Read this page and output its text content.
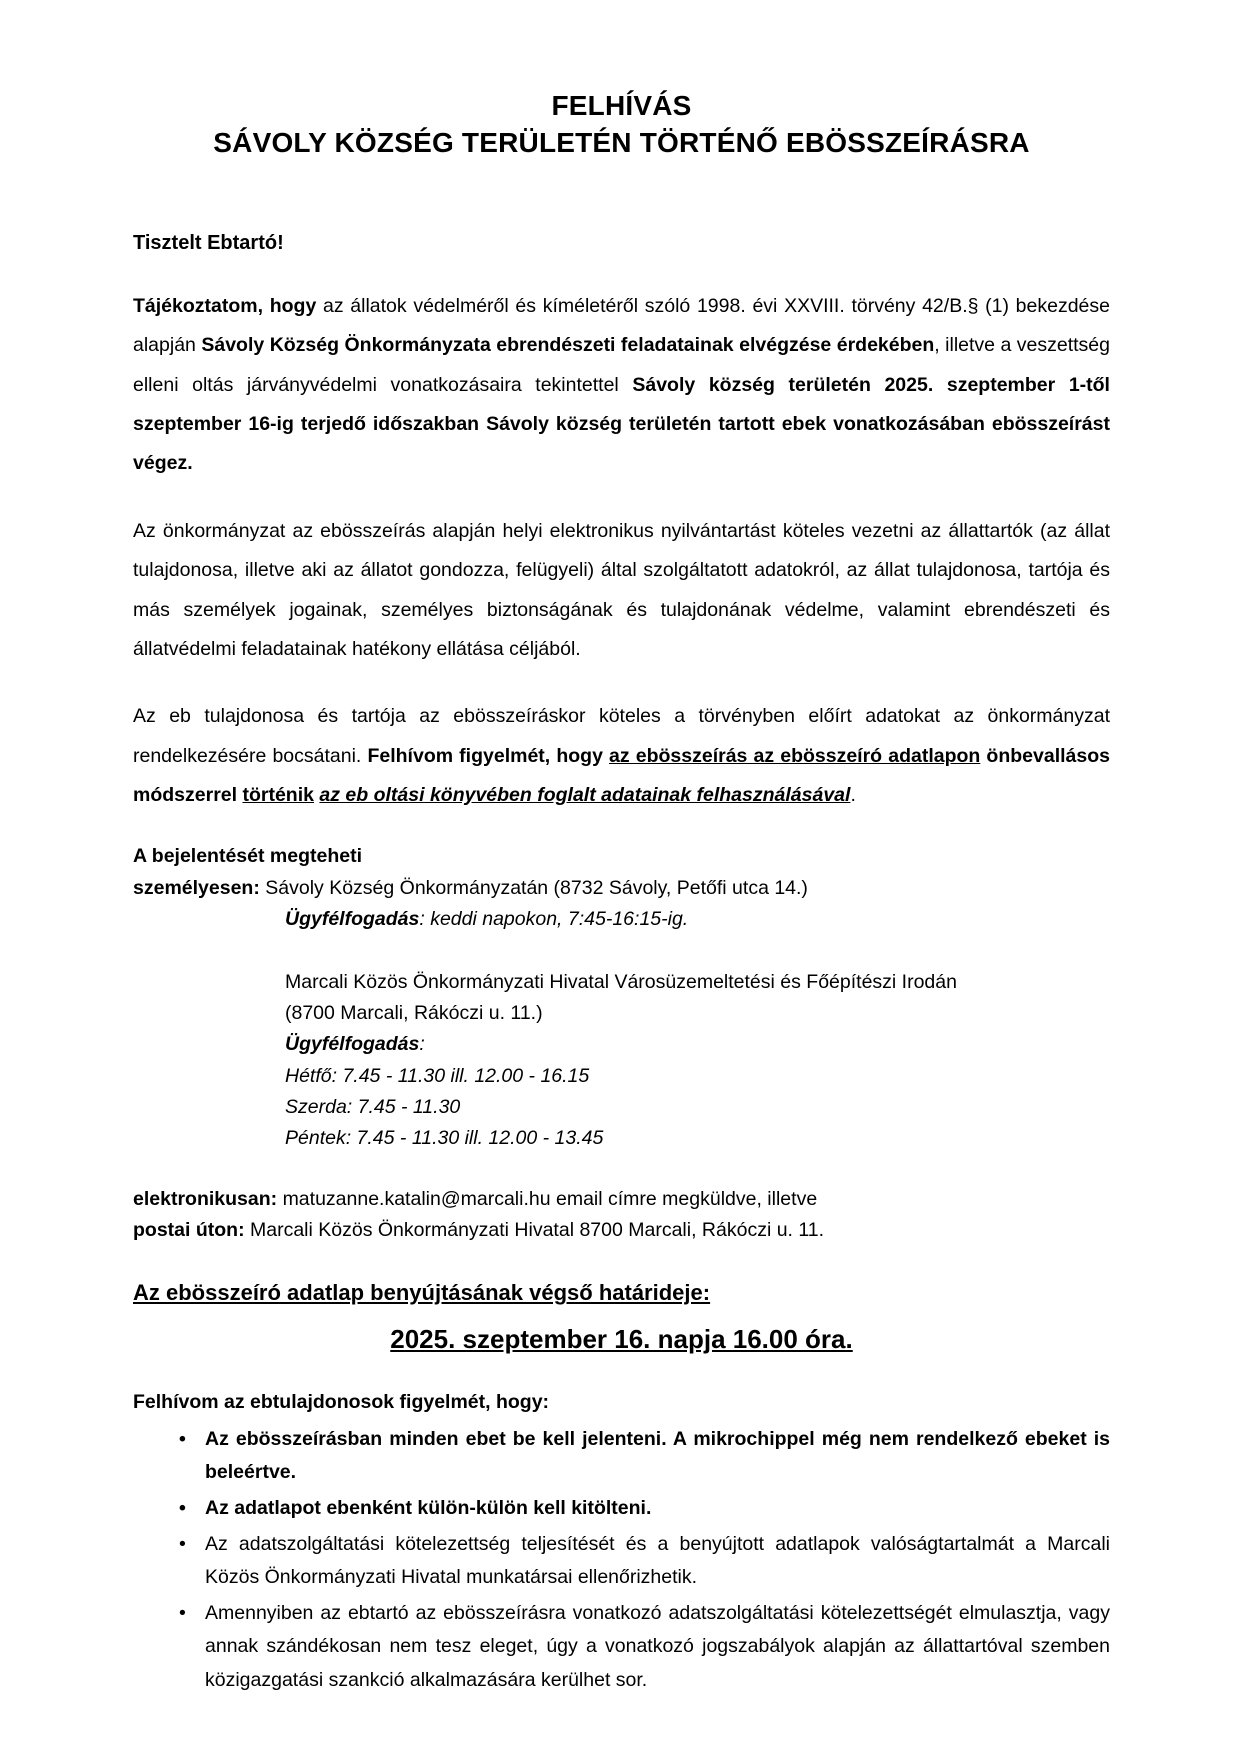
FELHÍVÁS
SÁVOLY KÖZSÉG TERÜLETÉN TÖRTÉNŐ EBÖSSZEÍRÁSRA
Tisztelt Ebtartó!

Tájékoztatom, hogy az állatok védelméről és kíméletéről szóló 1998. évi XXVIII. törvény 42/B.§ (1) bekezdése alapján Sávoly Község Önkormányzata ebrendészeti feladatainak elvégzése érdekében, illetve a veszettség elleni oltás járványvédelmi vonatkozásaira tekintettel Sávoly község területén 2025. szeptember 1-től szeptember 16-ig terjedő időszakban Sávoly község területén tartott ebek vonatkozásában ebösszeírást végez.

Az önkormányzat az ebösszeírás alapján helyi elektronikus nyilvántartást köteles vezetni az állattartók (az állat tulajdonosa, illetve aki az állatot gondozza, felügyeli) által szolgáltatott adatokról, az állat tulajdonosa, tartója és más személyek jogainak, személyes biztonságának és tulajdonának védelme, valamint ebrendészeti és állatvédelmi feladatainak hatékony ellátása céljából.

Az eb tulajdonosa és tartója az ebösszeíráskor köteles a törvényben előírt adatokat az önkormányzat rendelkezésére bocsátani. Felhívom figyelmét, hogy az ebösszeírás az ebösszeíró adatlapon önbevallásos módszerrel történik az eb oltási könyvében foglalt adatainak felhasználásával.

A bejelentését megteheti
személyesen: Sávoly Község Önkormányzatán (8732 Sávoly, Petőfi utca 14.)
Ügyfélfogadás: keddi napokon, 7:45-16:15-ig.
Marcali Közös Önkormányzati Hivatal Városüzemeltetési és Főépítészi Irodán
(8700 Marcali, Rákóczi u. 11.)
Ügyfélfogadás:
Hétfő: 7.45 - 11.30 ill. 12.00 - 16.15
Szerda: 7.45 - 11.30
Péntek: 7.45 - 11.30 ill. 12.00 - 13.45
elektronikusan: matuzanne.katalin@marcali.hu email címre megküldve, illetve
postai úton: Marcali Közös Önkormányzati Hivatal 8700 Marcali, Rákóczi u. 11.
Az ebösszeíró adatlap benyújtásának végső határideje:
2025. szeptember 16. napja 16.00 óra.
Felhívom az ebtulajdonosok figyelmét, hogy:
• Az ebösszeírásban minden ebet be kell jelenteni. A mikrochippel még nem rendelkező ebeket is beleértve.
• Az adatlapot ebenként külön-külön kell kitölteni.
• Az adatszolgáltatási kötelezettség teljesítését és a benyújtott adatlapok valóságtartalmát a Marcali Közös Önkormányzati Hivatal munkatársai ellenőrizhetik.
• Amennyiben az ebtartó az ebösszeírásra vonatkozó adatszolgáltatási kötelezettségét elmulasztja, vagy annak szándékosan nem tesz eleget, úgy a vonatkozó jogszabályok alapján az állattartóval szemben közigazgatási szankció alkalmazására kerülhet sor.
